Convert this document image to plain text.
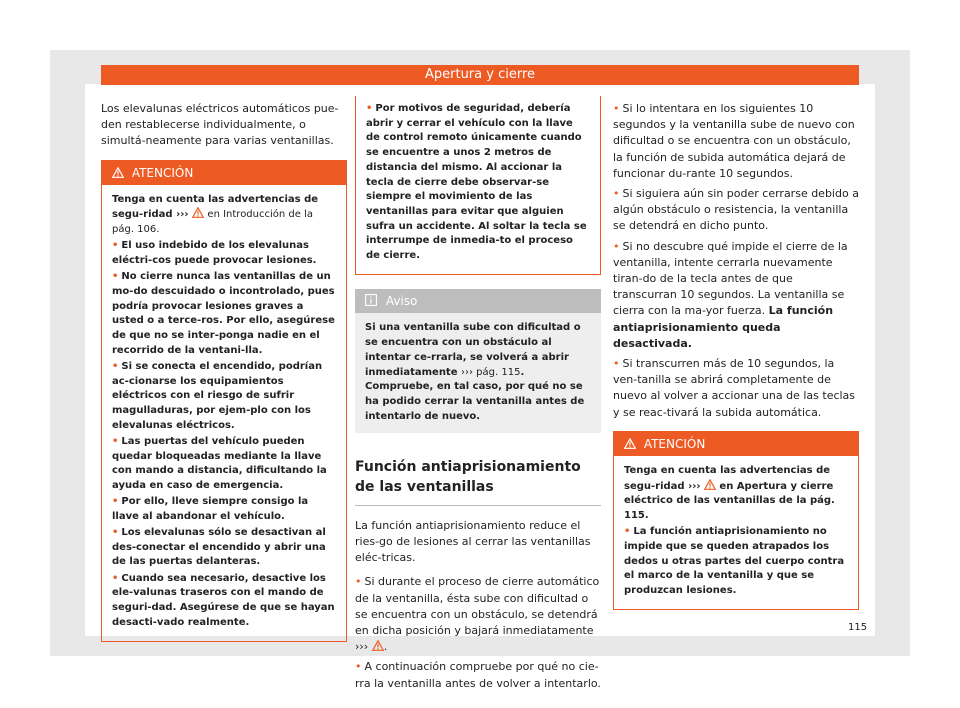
Apertura y cierre

Los elevalunas eléctricos automáticos pue-den restablecerse individualmente, o simultá-neamente para varias ventanillas.

ATENCIÓN

Tenga en cuenta las advertencias de segu-ridad ››› en Introducción de la pág. 106.

• El uso indebido de los elevalunas eléctri-cos puede provocar lesiones.

• No cierre nunca las ventanillas de un mo-do descuidado o incontrolado, pues podría provocar lesiones graves a usted o a terce-ros. Por ello, asegúrese de que no se inter-ponga nadie en el recorrido de la ventani-lla.

• Si se conecta el encendido, podrían ac-cionarse los equipamientos eléctricos con el riesgo de sufrir magulladuras, por ejem-plo con los elevalunas eléctricos.

• Las puertas del vehículo pueden quedar bloqueadas mediante la llave con mando a distancia, dificultando la ayuda en caso de emergencia.

• Por ello, lleve siempre consigo la llave al abandonar el vehículo.

• Los elevalunas sólo se desactivan al des-conectar el encendido y abrir una de las puertas delanteras.

• Cuando sea necesario, desactive los ele-valunas traseros con el mando de seguri-dad. Asegúrese de que se hayan desacti-vado realmente.

• Por motivos de seguridad, debería abrir y cerrar el vehículo con la llave de control remoto únicamente cuando se encuentre a unos 2 metros de distancia del mismo. Al accionar la tecla de cierre debe observar-se siempre el movimiento de las ventanillas para evitar que alguien sufra un accidente. Al soltar la tecla se interrumpe de inmedia-to el proceso de cierre.

Aviso
Si una ventanilla sube con dificultad o se encuentra con un obstáculo al intentar ce-rrarla, se volverá a abrir inmediatamente ››› pág. 115. Compruebe, en tal caso, por qué no se ha podido cerrar la ventanilla antes de intentarlo de nuevo.
Función antiaprisionamiento de las ventanillas

La función antiaprisionamiento reduce el ries-go de lesiones al cerrar las ventanillas eléc-tricas.

• Si durante el proceso de cierre automático de la ventanilla, ésta sube con dificultad o se encuentra con un obstáculo, se detendrá en dicha posición y bajará inmediatamente ››› .

• A continuación compruebe por qué no cie-rra la ventanilla antes de volver a intentarlo.

• Si lo intentara en los siguientes 10 segundos y la ventanilla sube de nuevo con dificultad o se encuentra con un obstáculo, la función de subida automática dejará de funcionar du-rante 10 segundos.

• Si siguiera aún sin poder cerrarse debido a algún obstáculo o resistencia, la ventanilla se detendrá en dicho punto.

• Si no descubre qué impide el cierre de la ventanilla, intente cerrarla nuevamente tiran-do de la tecla antes de que transcurran 10 segundos. La ventanilla se cierra con la ma-yor fuerza. La función antiaprisionamiento queda desactivada.

• Si transcurren más de 10 segundos, la ven-tanilla se abrirá completamente de nuevo al volver a accionar una de las teclas y se reac-tivará la subida automática.

ATENCIÓN

Tenga en cuenta las advertencias de segu-ridad ››› en Apertura y cierre eléctrico de las ventanillas de la pág. 115.

• La función antiaprisionamiento no impide que se queden atrapados los dedos u otras partes del cuerpo contra el marco de la ventanilla y que se produzcan lesiones.

115
